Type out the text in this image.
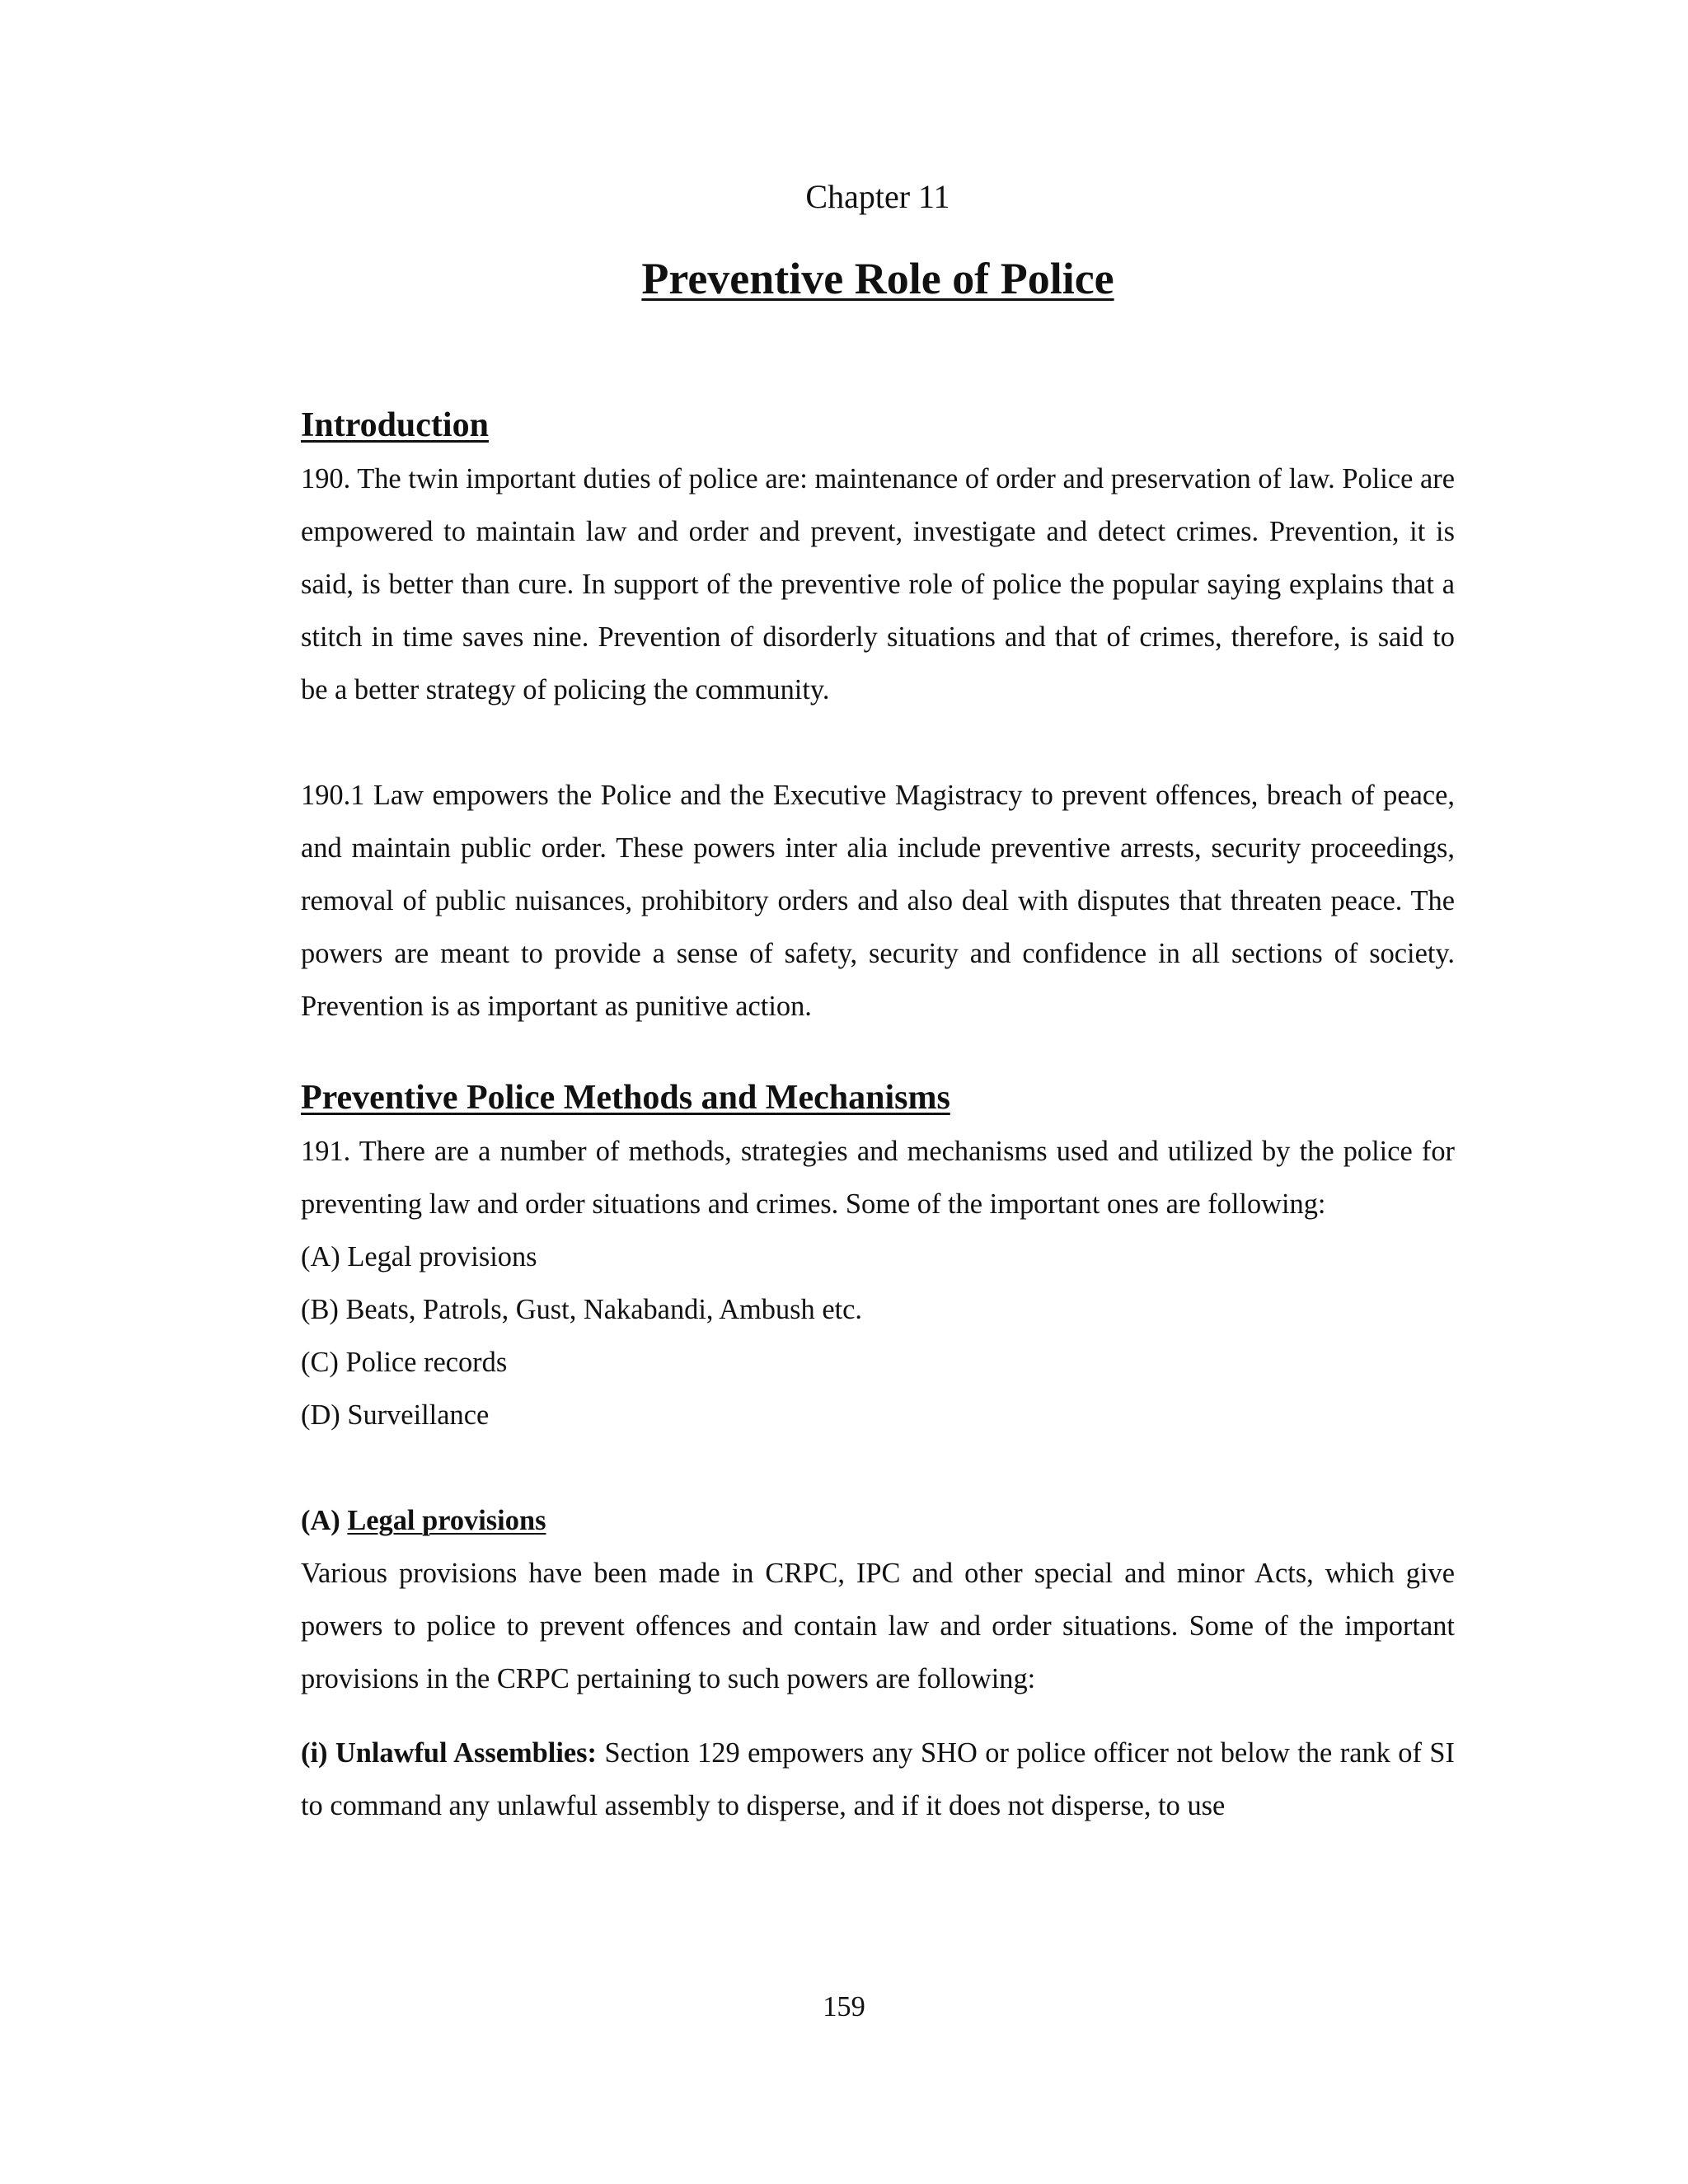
Chapter 11
Preventive Role of Police
Introduction

190. The twin important duties of police are: maintenance of order and preservation of law. Police are empowered to maintain law and order and prevent, investigate and detect crimes. Prevention, it is said, is better than cure. In support of the preventive role of police the popular saying explains that a stitch in time saves nine. Prevention of disorderly situations and that of crimes, therefore, is said to be a better strategy of policing the community.

190.1 Law empowers the Police and the Executive Magistracy to prevent offences, breach of peace, and maintain public order. These powers inter alia include preventive arrests, security proceedings, removal of public nuisances, prohibitory orders and also deal with disputes that threaten peace. The powers are meant to provide a sense of safety, security and confidence in all sections of society. Prevention is as important as punitive action.

Preventive Police Methods and Mechanisms

191. There are a number of methods, strategies and mechanisms used and utilized by the police for preventing law and order situations and crimes. Some of the important ones are following:

(A) Legal provisions
(B) Beats, Patrols, Gust, Nakabandi, Ambush etc.
(C) Police records
(D) Surveillance
(A) Legal provisions

Various provisions have been made in CRPC, IPC and other special and minor Acts, which give powers to police to prevent offences and contain law and order situations. Some of the important provisions in the CRPC pertaining to such powers are following:

(i) Unlawful Assemblies: Section 129 empowers any SHO or police officer not below the rank of SI to command any unlawful assembly to disperse, and if it does not disperse, to use

159
